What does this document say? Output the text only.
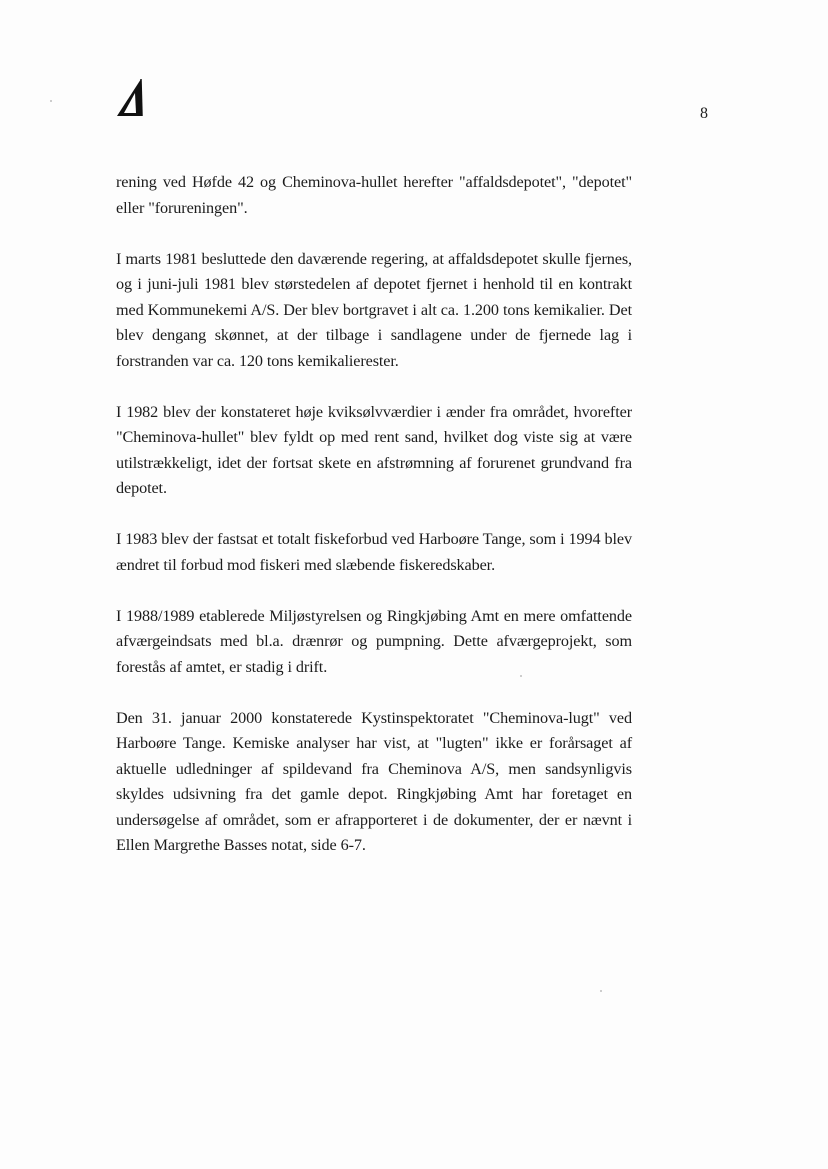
8

rening ved Høfde 42 og Cheminova-hullet herefter "affaldsdepotet", "depotet" eller "forureningen".

I marts 1981 besluttede den daværende regering, at affaldsdepotet skulle fjernes, og i juni-juli 1981 blev størstedelen af depotet fjernet i henhold til en kontrakt med Kommunekemi A/S. Der blev bortgravet i alt ca. 1.200 tons kemikalier. Det blev dengang skønnet, at der tilbage i sandlagene under de fjernede lag i forstranden var ca. 120 tons kemikalierester.

I 1982 blev der konstateret høje kviksølvværdier i ænder fra området, hvorefter "Cheminova-hullet" blev fyldt op med rent sand, hvilket dog viste sig at være utilstrækkeligt, idet der fortsat skete en afstrømning af forurenet grundvand fra depotet.

I 1983 blev der fastsat et totalt fiskeforbud ved Harboøre Tange, som i 1994 blev ændret til forbud mod fiskeri med slæbende fiskeredskaber.

I 1988/1989 etablerede Miljøstyrelsen og Ringkjøbing Amt en mere omfattende afværgeindsats med bl.a. drænrør og pumpning. Dette afværgeprojekt, som forestås af amtet, er stadig i drift.

Den 31. januar 2000 konstaterede Kystinspektoratet "Cheminova-lugt" ved Harboøre Tange. Kemiske analyser har vist, at "lugten" ikke er forårsaget af aktuelle udledninger af spildevand fra Cheminova A/S, men sandsynligvis skyldes udsivning fra det gamle depot. Ringkjøbing Amt har foretaget en undersøgelse af området, som er afrapporteret i de dokumenter, der er nævnt i Ellen Margrethe Basses notat, side 6-7.
